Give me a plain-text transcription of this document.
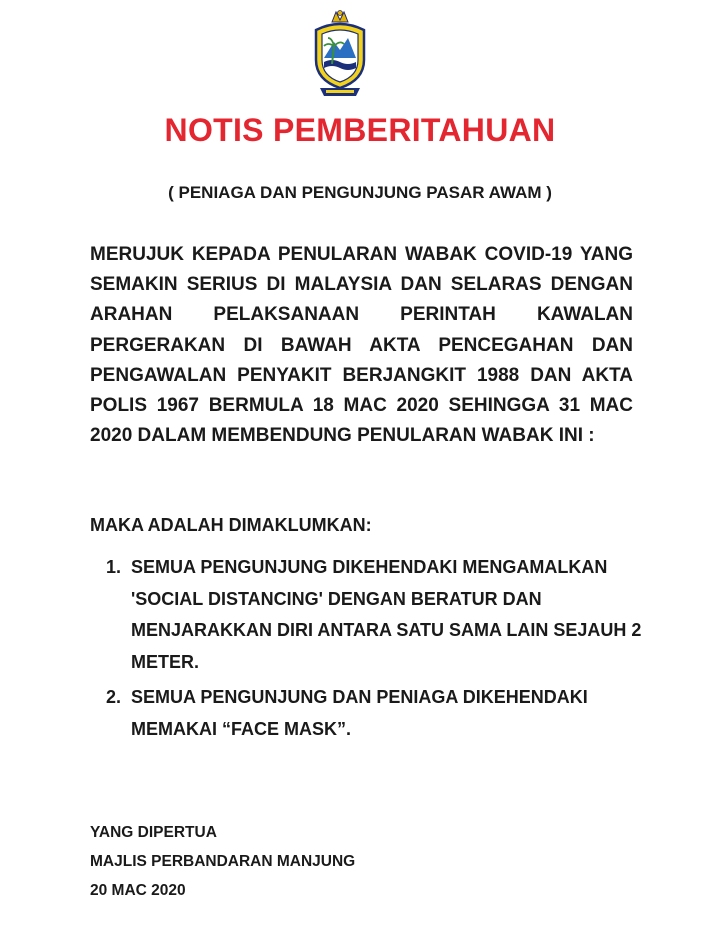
NOTIS PEMBERITAHUAN
( PENIAGA DAN PENGUNJUNG PASAR AWAM )

MERUJUK KEPADA PENULARAN WABAK COVID-19 YANG SEMAKIN SERIUS DI MALAYSIA DAN SELARAS DENGAN ARAHAN PELAKSANAAN PERINTAH KAWALAN PERGERAKAN DI BAWAH AKTA PENCEGAHAN DAN PENGAWALAN PENYAKIT BERJANGKIT 1988 DAN AKTA POLIS 1967 BERMULA 18 MAC 2020 SEHINGGA 31 MAC 2020 DALAM MEMBENDUNG PENULARAN WABAK INI :

MAKA ADALAH DIMAKLUMKAN:

1. SEMUA PENGUNJUNG DIKEHENDAKI MENGAMALKAN 'SOCIAL DISTANCING' DENGAN BERATUR DAN MENJARAKKAN DIRI ANTARA SATU SAMA LAIN SEJAUH 2 METER.
2. SEMUA PENGUNJUNG DAN PENIAGA DIKEHENDAKI MEMAKAI “FACE MASK”.
YANG DIPERTUA
MAJLIS PERBANDARAN MANJUNG
20 MAC 2020
